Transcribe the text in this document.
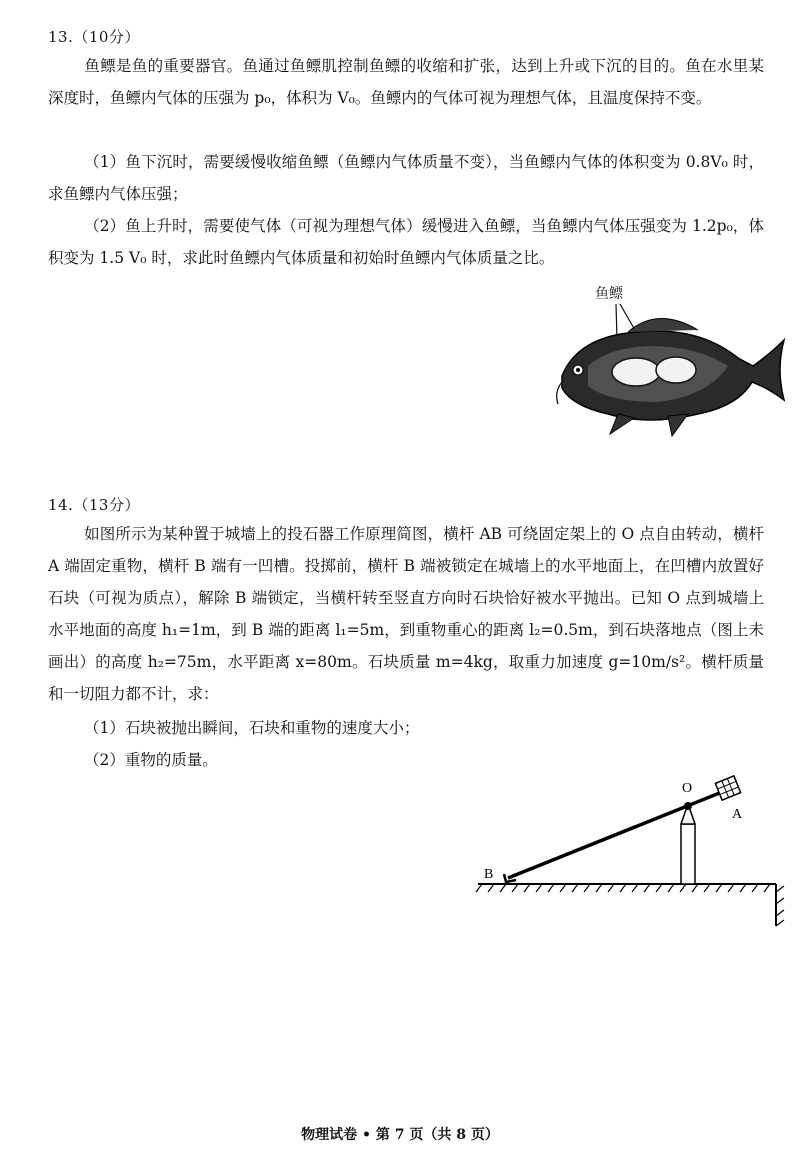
13.（10分）
鱼鳔是鱼的重要器官。鱼通过鱼鳔肌控制鱼鳔的收缩和扩张，达到上升或下沉的目的。鱼在水里某深度时，鱼鳔内气体的压强为 p₀，体积为 V₀。鱼鳔内的气体可视为理想气体，且温度保持不变。
（1）鱼下沉时，需要缓慢收缩鱼鳔（鱼鳔内气体质量不变），当鱼鳔内气体的体积变为 0.8V₀ 时，求鱼鳔内气体压强；
（2）鱼上升时，需要使气体（可视为理想气体）缓慢进入鱼鳔，当鱼鳔内气体压强变为 1.2p₀，体积变为 1.5 V₀ 时，求此时鱼鳔内气体质量和初始时鱼鳔内气体质量之比。
鱼鳔
14.（13分）
如图所示为某种置于城墙上的投石器工作原理简图，横杆 AB 可绕固定架上的 O 点自由转动，横杆 A 端固定重物，横杆 B 端有一凹槽。投掷前，横杆 B 端被锁定在城墙上的水平地面上，在凹槽内放置好石块（可视为质点），解除 B 端锁定，当横杆转至竖直方向时石块恰好被水平抛出。已知 O 点到城墙上水平地面的高度 h₁=1m，到 B 端的距离 l₁=5m，到重物重心的距离 l₂=0.5m，到石块落地点（图上未画出）的高度 h₂=75m，水平距离 x=80m。石块质量 m=4kg，取重力加速度 g=10m/s²。横杆质量和一切阻力都不计，求：
（1）石块被抛出瞬间，石块和重物的速度大小；
（2）重物的质量。
O
A
B
物理试卷 • 第 7 页（共 8 页）
